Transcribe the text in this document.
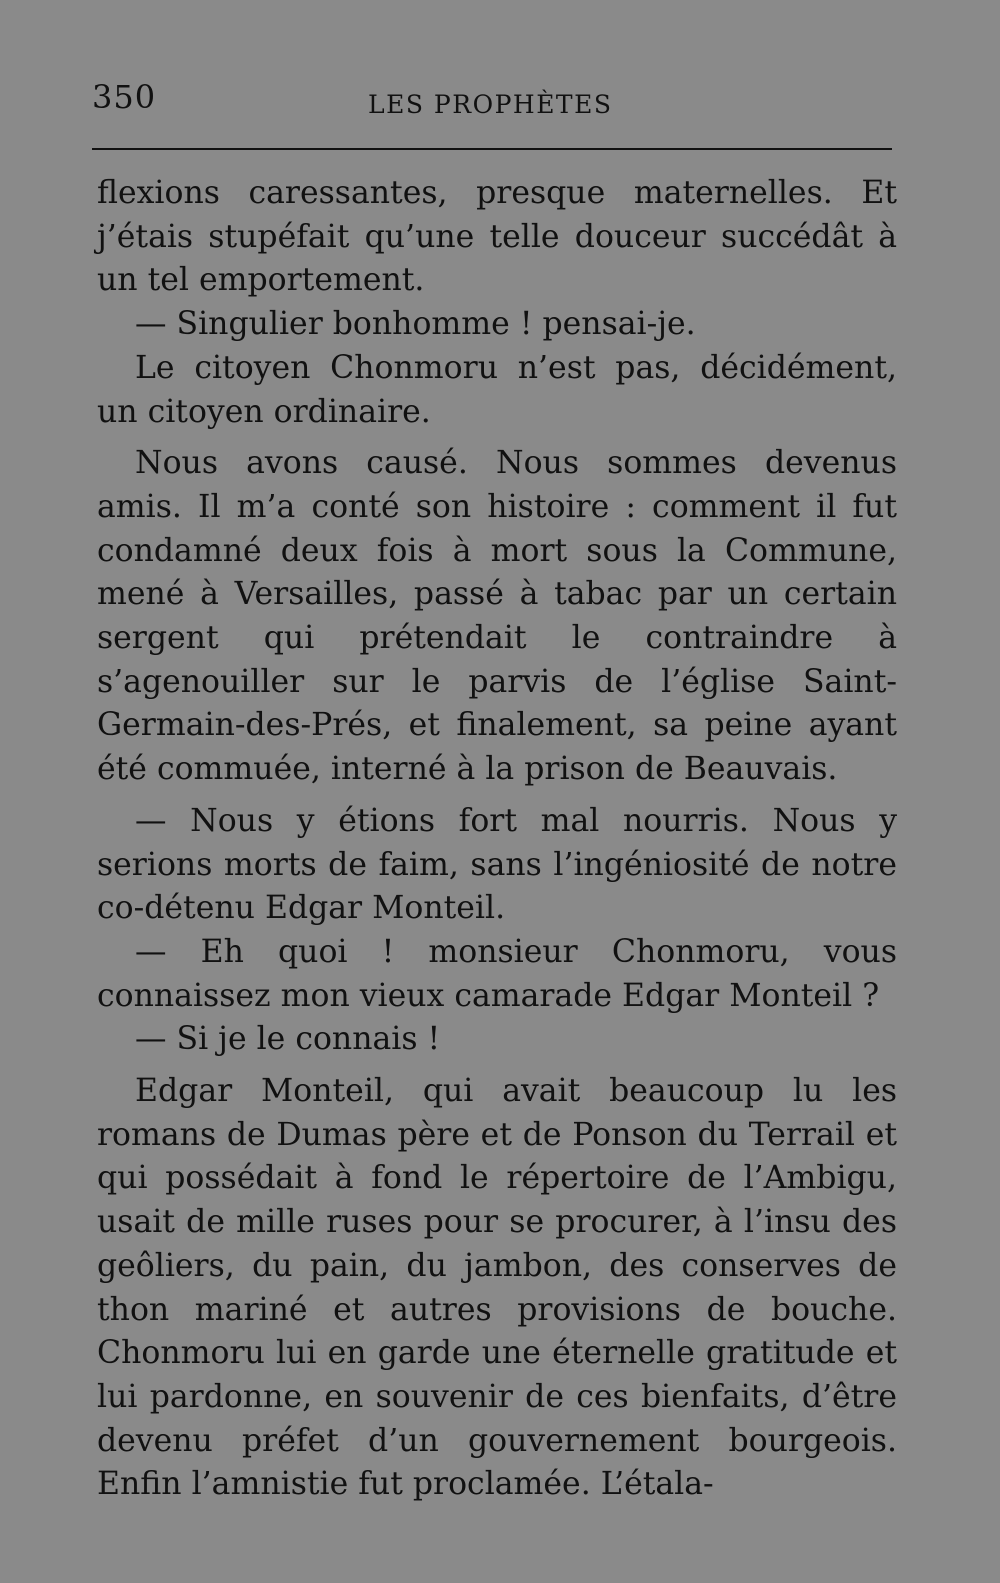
350	LES PROPHÈTES

flexions caressantes, presque maternelles. Et j’étais stupéfait qu’une telle douceur succédât à un tel emportement.

— Singulier bonhomme ! pensai-je.

Le citoyen Chonmoru n’est pas, décidément, un citoyen ordinaire.

Nous avons causé. Nous sommes devenus amis. Il m’a conté son histoire : comment il fut condamné deux fois à mort sous la Commune, mené à Versailles, passé à tabac par un certain sergent qui prétendait le contraindre à s’agenouiller sur le parvis de l’église Saint-Germain-des-Prés, et finalement, sa peine ayant été commuée, interné à la prison de Beauvais.

— Nous y étions fort mal nourris. Nous y serions morts de faim, sans l’ingéniosité de notre co-détenu Edgar Monteil.

— Eh quoi ! monsieur Chonmoru, vous connaissez mon vieux camarade Edgar Monteil ?

— Si je le connais !

Edgar Monteil, qui avait beaucoup lu les romans de Dumas père et de Ponson du Terrail et qui possédait à fond le répertoire de l’Ambigu, usait de mille ruses pour se procurer, à l’insu des geôliers, du pain, du jambon, des conserves de thon mariné et autres provisions de bouche. Chonmoru lui en garde une éternelle gratitude et lui pardonne, en souvenir de ces bienfaits, d’être devenu préfet d’un gouvernement bourgeois. Enfin l’amnistie fut proclamée. L’étala-
